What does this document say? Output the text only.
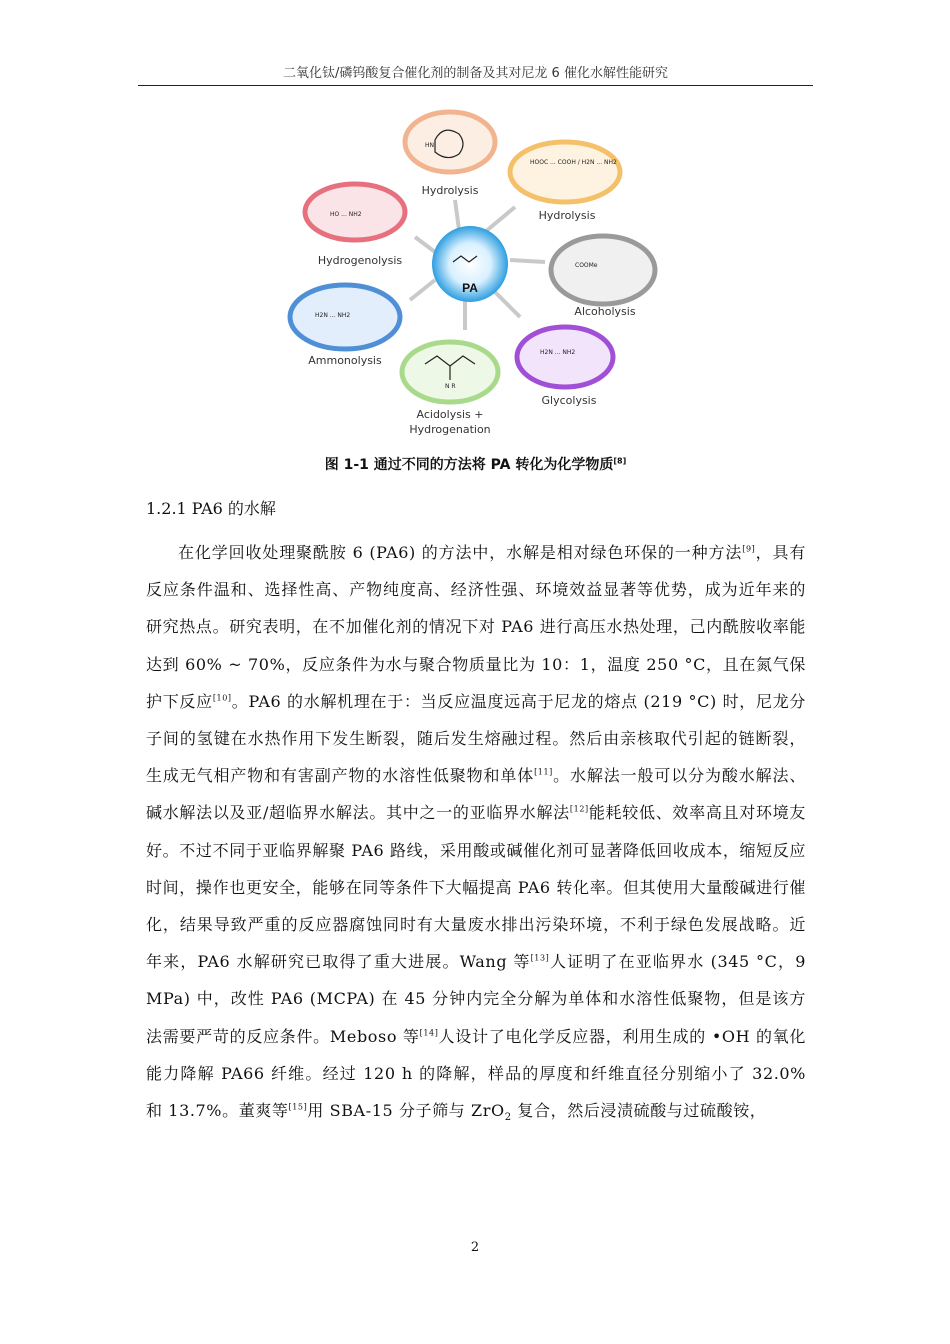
二氧化钛/磷钨酸复合催化剂的制备及其对尼龙 6 催化水解性能研究
HN
Hydrolysis
HOOC ... COOH / H2N ... NH2
Hydrolysis
HO ... NH2
Hydrogenolysis
PA
COOMe
Alcoholysis
H2N ... NH2
Ammonolysis
N R
Acidolysis +
Hydrogenation
H2N ... NH2
Glycolysis
图 1-1 通过不同的方法将 PA 转化为化学物质[8]
1.2.1 PA6 的水解
在化学回收处理聚酰胺 6 (PA6) 的方法中，水解是相对绿色环保的一种方法[9]，具有反应条件温和、选择性高、产物纯度高、经济性强、环境效益显著等优势，成为近年来的研究热点。研究表明，在不加催化剂的情况下对 PA6 进行高压水热处理，己内酰胺收率能达到 60% ~ 70%，反应条件为水与聚合物质量比为 10：1，温度 250 °C，且在氮气保护下反应[10]。PA6 的水解机理在于：当反应温度远高于尼龙的熔点 (219 °C) 时，尼龙分子间的氢键在水热作用下发生断裂，随后发生熔融过程。然后由亲核取代引起的链断裂，生成无气相产物和有害副产物的水溶性低聚物和单体[11]。水解法一般可以分为酸水解法、碱水解法以及亚/超临界水解法。其中之一的亚临界水解法[12]能耗较低、效率高且对环境友好。不过不同于亚临界解聚 PA6 路线，采用酸或碱催化剂可显著降低回收成本，缩短反应时间，操作也更安全，能够在同等条件下大幅提高 PA6 转化率。但其使用大量酸碱进行催化，结果导致严重的反应器腐蚀同时有大量废水排出污染环境，不利于绿色发展战略。近年来，PA6 水解研究已取得了重大进展。Wang 等[13]人证明了在亚临界水 (345 °C，9 MPa) 中，改性 PA6 (MCPA) 在 45 分钟内完全分解为单体和水溶性低聚物，但是该方法需要严苛的反应条件。Meboso 等[14]人设计了电化学反应器，利用生成的 •OH 的氧化能力降解 PA66 纤维。经过 120 h 的降解，样品的厚度和纤维直径分别缩小了 32.0% 和 13.7%。董爽等[15]用 SBA-15 分子筛与 ZrO$_2$ 复合，然后浸渍硫酸与过硫酸铵，
2
